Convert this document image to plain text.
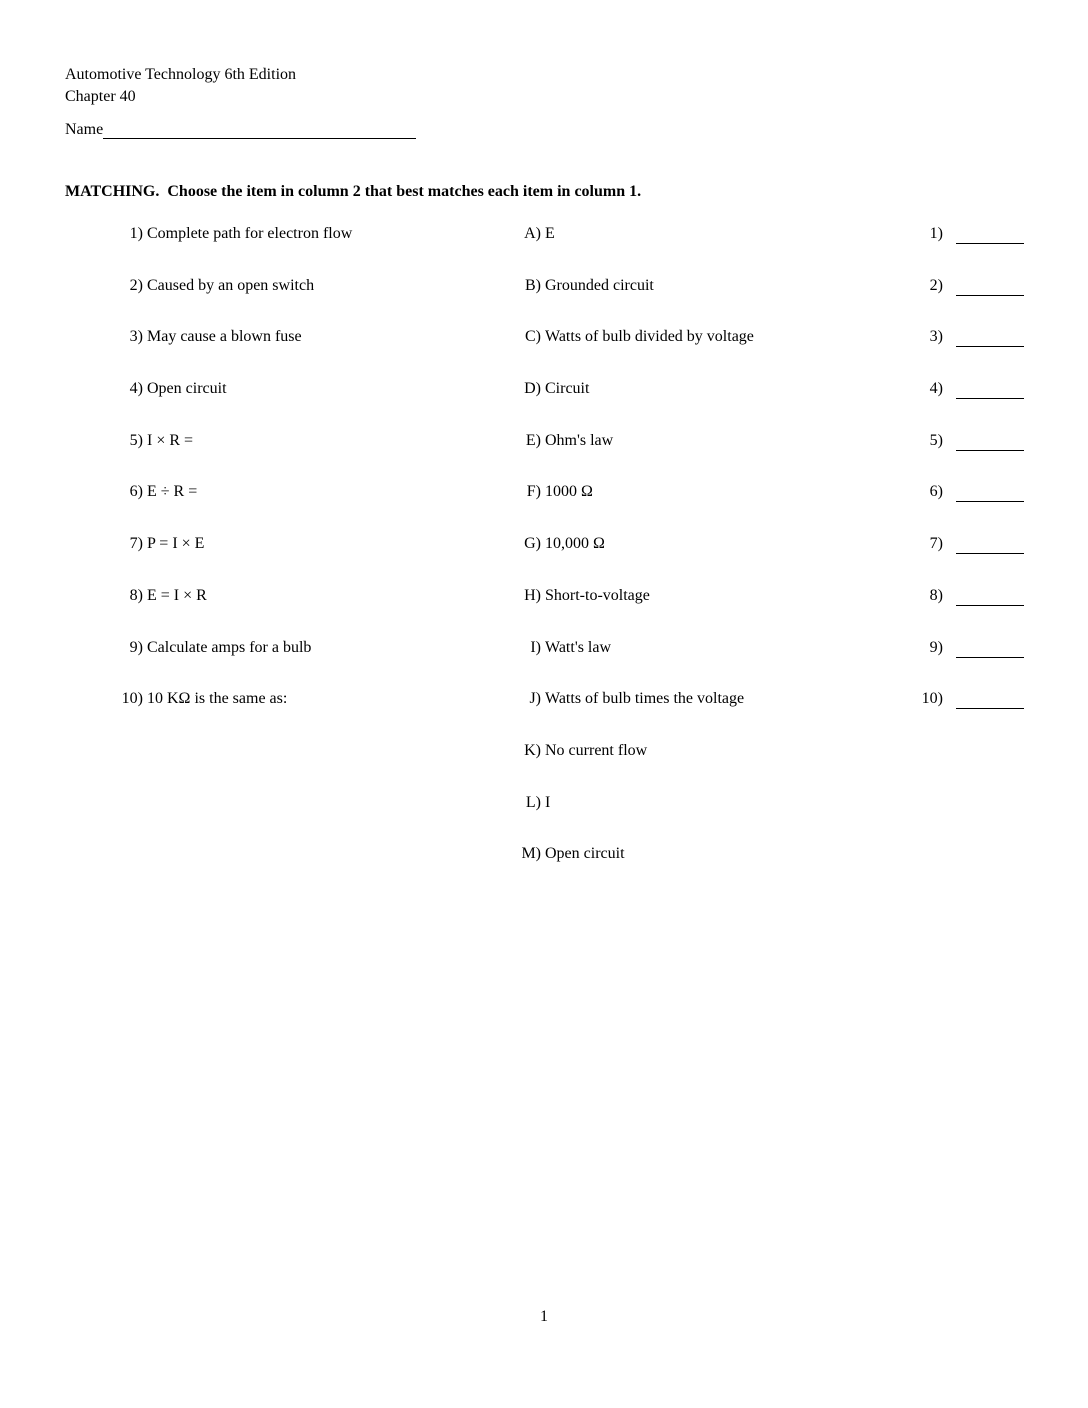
Automotive Technology 6th Edition
Chapter 40
Name
MATCHING.  Choose the item in column 2 that best matches each item in column 1.
1) Complete path for electron flow	A) E	1)
2) Caused by an open switch	B) Grounded circuit	2)
3) May cause a blown fuse	C) Watts of bulb divided by voltage	3)
4) Open circuit	D) Circuit	4)
5) I × R =	E) Ohm's law	5)
6) E ÷ R =	F) 1000 Ω	6)
7) P = I × E	G) 10,000 Ω	7)
8) E = I × R	H) Short-to-voltage	8)
9) Calculate amps for a bulb	I) Watt's law	9)
10) 10 KΩ is the same as:	J) Watts of bulb times the voltage	10)
K) No current flow
L) I
M) Open circuit
1
